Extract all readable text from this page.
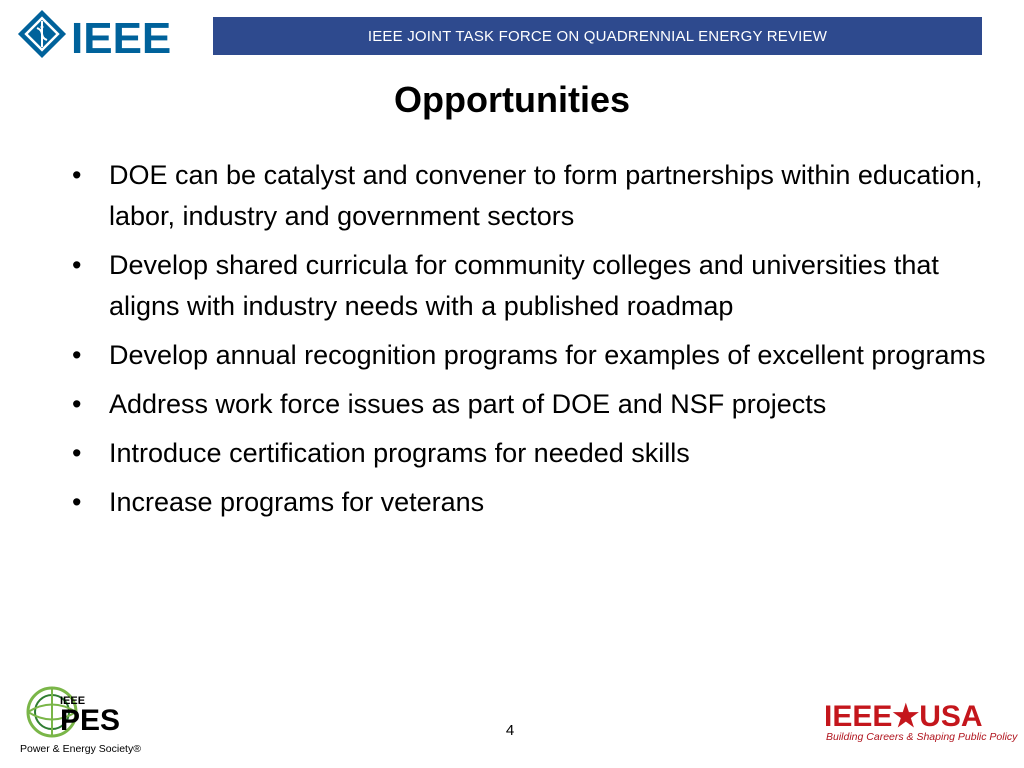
IEEE	IEEE JOINT TASK FORCE ON QUADRENNIAL ENERGY REVIEW
Opportunities
• DOE can be catalyst and convener to form partnerships within education, labor, industry and government sectors
• Develop shared curricula for community colleges and universities that aligns with industry needs with a published roadmap
• Develop annual recognition programs for examples of excellent programs
• Address work force issues as part of DOE and NSF projects
• Introduce certification programs for needed skills
• Increase programs for veterans
IEEE
PES
Power & Energy Society®
4	IEEE★USA
Building Careers & Shaping Public Policy
